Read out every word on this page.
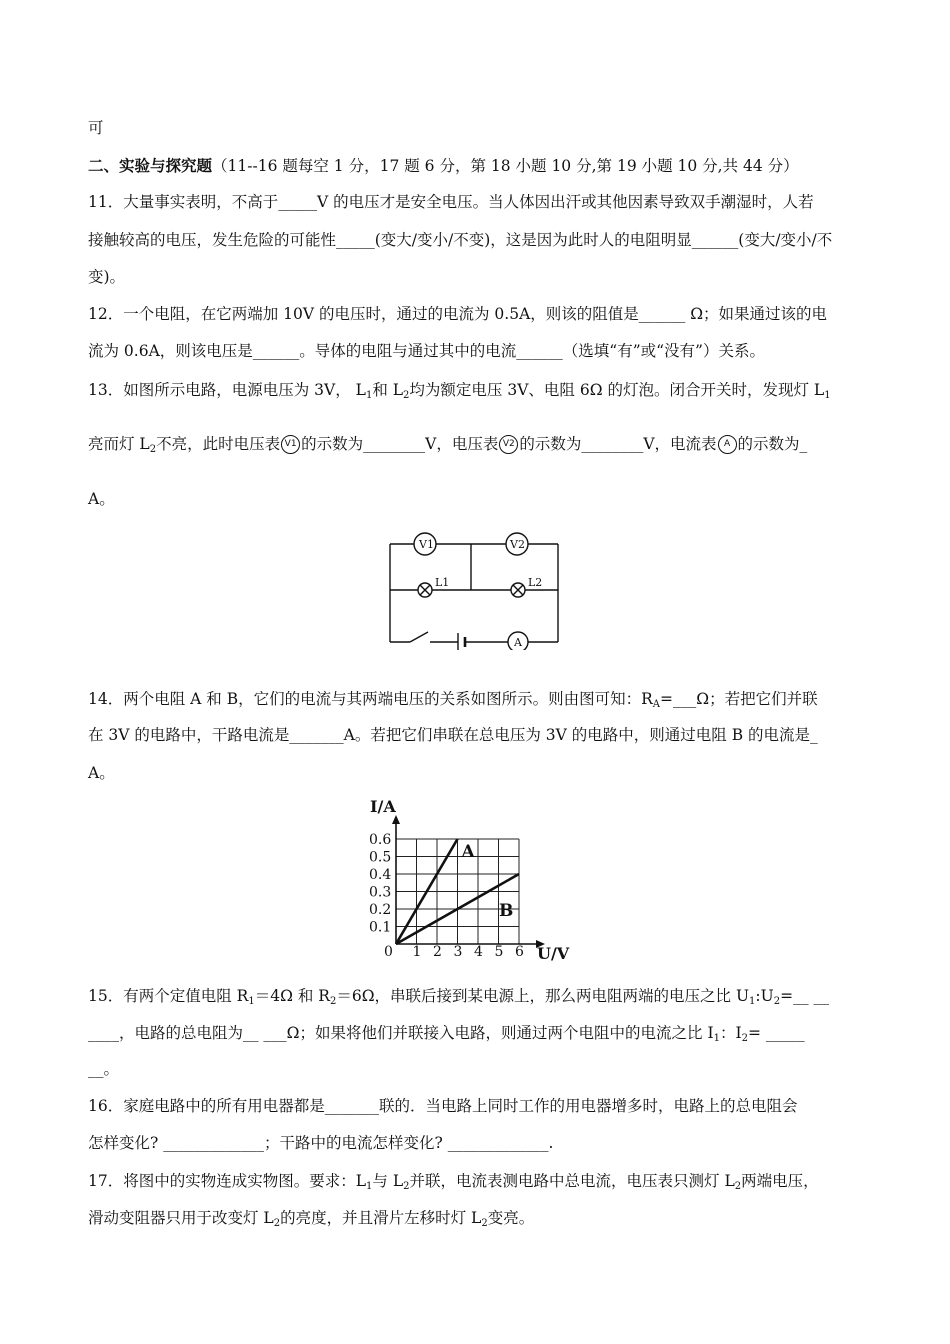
可
二、实验与探究题（11--16 题每空 1 分，17 题 6 分，第 18 小题 10 分,第 19 小题 10 分,共 44 分）
11．大量事实表明，不高于_____V 的电压才是安全电压。当人体因出汗或其他因素导致双手潮湿时，人若
接触较高的电压，发生危险的可能性_____(变大/变小/不变)，这是因为此时人的电阻明显______(变大/变小/不
变)。
12．一个电阻，在它两端加 10V 的电压时，通过的电流为 0.5A，则该的阻值是______ Ω；如果通过该的电
流为 0.6A，则该电压是______。导体的电阻与通过其中的电流______（选填“有”或“没有”）关系。
13．如图所示电路，电源电压为 3V， $L_1$和 $L_2$均为额定电压 3V、电阻 6Ω 的灯泡。闭合开关时，发现灯 $L_1$
亮而灯 $L_2$不亮，此时电压表 V1 的示数为________V，电压表 V2 的示数为________V，电流表 A 的示数为_
A。
V1	V2
L1	L2
A
14．两个电阻 A 和 B，它们的电流与其两端电压的关系如图所示。则由图可知：$R_A=\_\_\_\Omega$；若把它们并联
在 3V 的电路中，干路电流是_______A。若把它们串联在总电压为 3V 的电路中，则通过电阻 B 的电流是_
A。
0 1 2 3 4 5 6
0.1
0.2
0.3
0.4
0.5
0.6
I/A
U/V
A
B
15．有两个定值电阻 $R_1=4\Omega$ 和 $R_2=6\Omega$，串联后接到某电源上，那么两电阻两端的电压之比 $U_1:U_2=\_\_$ __
____，电路的总电阻为__ ___Ω；如果将他们并联接入电路，则通过两个电阻中的电流之比 $I_1$：$I_2=$ _____
__。
16．家庭电路中的所有用电器都是_______联的．当电路上同时工作的用电器增多时，电路上的总电阻会
怎样变化? _____________；干路中的电流怎样变化? _____________.
17．将图中的实物连成实物图。要求：$L_1$与 $L_2$并联，电流表测电路中总电流，电压表只测灯 $L_2$两端电压，
滑动变阻器只用于改变灯 $L_2$的亮度，并且滑片左移时灯 $L_2$变亮。
